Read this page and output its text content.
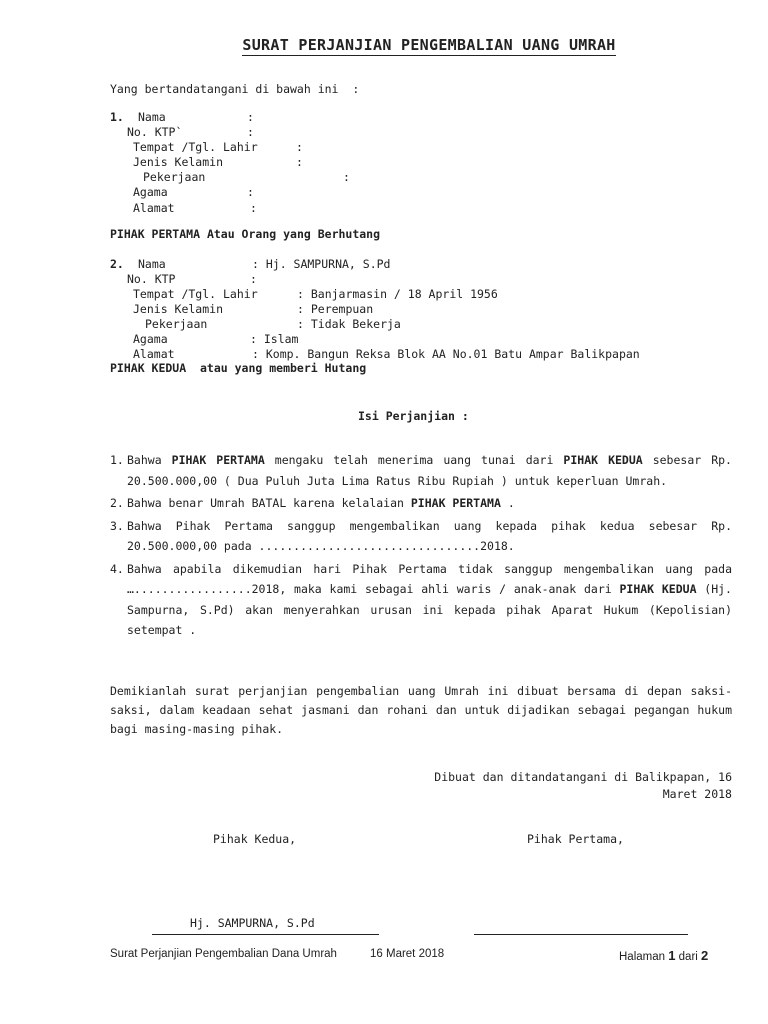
SURAT PERJANJIAN PENGEMBALIAN UANG UMRAH
Yang bertandatangani di bawah ini  :
1. Nama	:
No. KTP`	:
Tempat /Tgl. Lahir	:
Jenis Kelamin	:
Pekerjaan	:
Agama	:
Alamat	:
PIHAK PERTAMA Atau Orang yang Berhutang
2. Nama	: Hj. SAMPURNA, S.Pd
No. KTP	:
Tempat /Tgl. Lahir	: Banjarmasin / 18 April 1956
Jenis Kelamin	: Perempuan
Pekerjaan	: Tidak Bekerja
Agama	: Islam
Alamat	: Komp. Bangun Reksa Blok AA No.01 Batu Ampar Balikpapan
PIHAK KEDUA  atau yang memberi Hutang
Isi Perjanjian :
1. Bahwa PIHAK PERTAMA mengaku telah menerima uang tunai dari PIHAK KEDUA sebesar Rp. 20.500.000,00 ( Dua Puluh Juta Lima Ratus Ribu Rupiah ) untuk keperluan Umrah.
2. Bahwa benar Umrah BATAL karena kelalaian PIHAK PERTAMA .
3. Bahwa Pihak Pertama sanggup mengembalikan uang kepada pihak kedua sebesar Rp. 20.500.000,00 pada ................................2018.
4. Bahwa apabila dikemudian hari Pihak Pertama tidak sanggup mengembalikan uang pada ….................2018, maka kami sebagai ahli waris / anak-anak dari PIHAK KEDUA (Hj. Sampurna, S.Pd) akan menyerahkan urusan ini kepada pihak Aparat Hukum (Kepolisian) setempat .
Demikianlah surat perjanjian pengembalian uang Umrah ini dibuat bersama di depan saksi-saksi, dalam keadaan sehat jasmani dan rohani dan untuk dijadikan sebagai pegangan hukum bagi masing-masing pihak.
Dibuat dan ditandatangani di Balikpapan, 16
Maret 2018
Pihak Kedua,	Pihak Pertama,
Hj. SAMPURNA, S.Pd
Surat Perjanjian Pengembalian Dana Umrah	16 Maret 2018	Halaman 1 dari 2
